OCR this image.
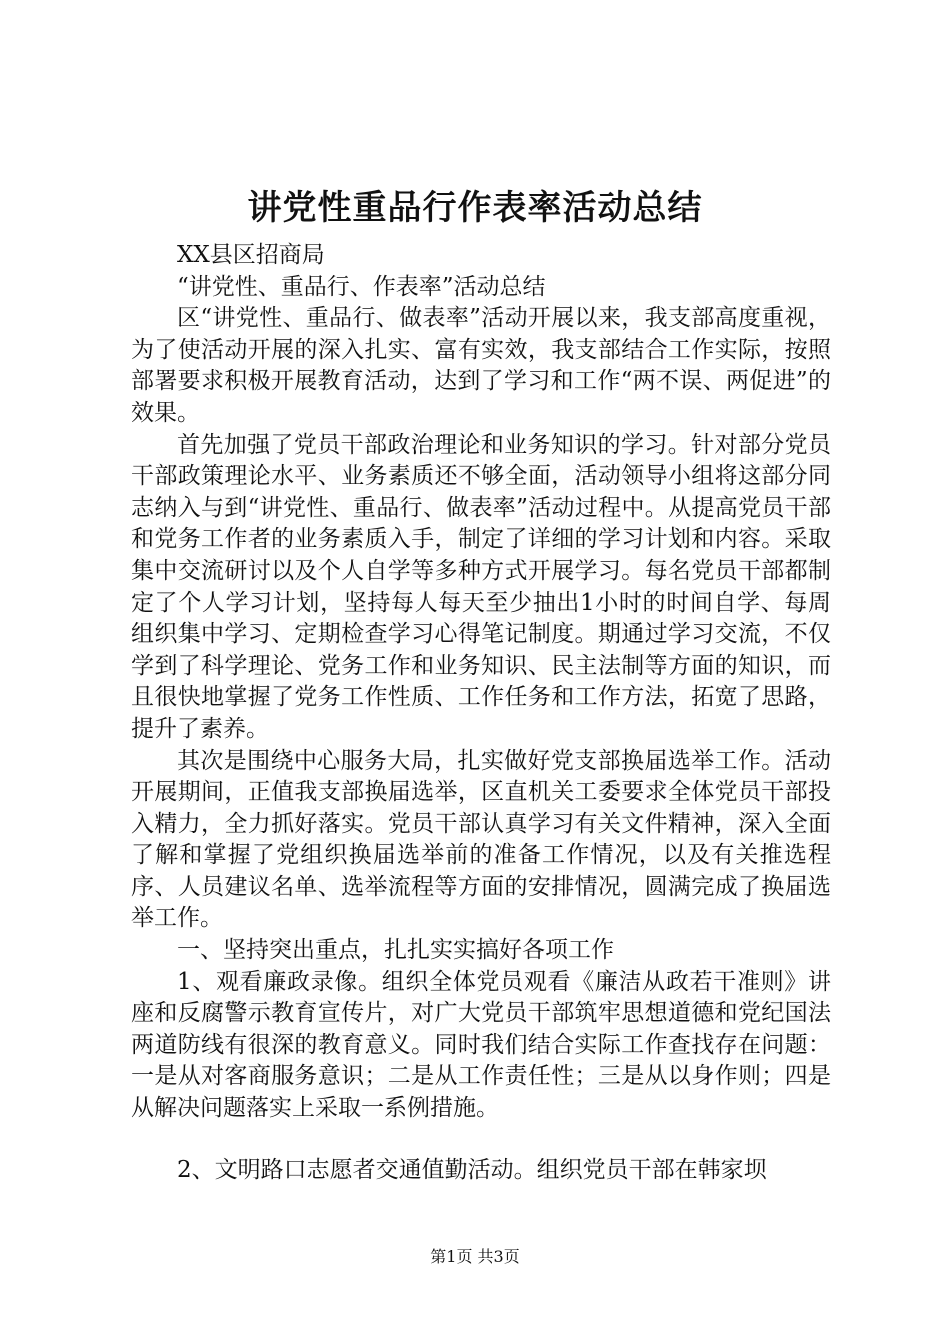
讲党性重品行作表率活动总结

XX县区招商局

“讲党性、重品行、作表率”活动总结

区“讲党性、重品行、做表率”活动开展以来，我支部高度重视，为了使活动开展的深入扎实、富有实效，我支部结合工作实际，按照部署要求积极开展教育活动，达到了学习和工作“两不误、两促进”的效果。

首先加强了党员干部政治理论和业务知识的学习。针对部分党员干部政策理论水平、业务素质还不够全面，活动领导小组将这部分同志纳入与到“讲党性、重品行、做表率”活动过程中。从提高党员干部和党务工作者的业务素质入手，制定了详细的学习计划和内容。采取集中交流研讨以及个人自学等多种方式开展学习。每名党员干部都制定了个人学习计划，坚持每人每天至少抽出1小时的时间自学、每周组织集中学习、定期检查学习心得笔记制度。期通过学习交流，不仅学到了科学理论、党务工作和业务知识、民主法制等方面的知识，而且很快地掌握了党务工作性质、工作任务和工作方法，拓宽了思路，提升了素养。

其次是围绕中心服务大局，扎实做好党支部换届选举工作。活动开展期间，正值我支部换届选举，区直机关工委要求全体党员干部投入精力，全力抓好落实。党员干部认真学习有关文件精神，深入全面了解和掌握了党组织换届选举前的准备工作情况，以及有关推选程序、人员建议名单、选举流程等方面的安排情况，圆满完成了换届选举工作。

一、坚持突出重点，扎扎实实搞好各项工作

1、观看廉政录像。组织全体党员观看《廉洁从政若干准则》讲座和反腐警示教育宣传片，对广大党员干部筑牢思想道德和党纪国法两道防线有很深的教育意义。同时我们结合实际工作查找存在问题：一是从对客商服务意识；二是从工作责任性；三是从以身作则；四是从解决问题落实上采取一系例措施。

2、文明路口志愿者交通值勤活动。组织党员干部在韩家坝

第1页 共3页
